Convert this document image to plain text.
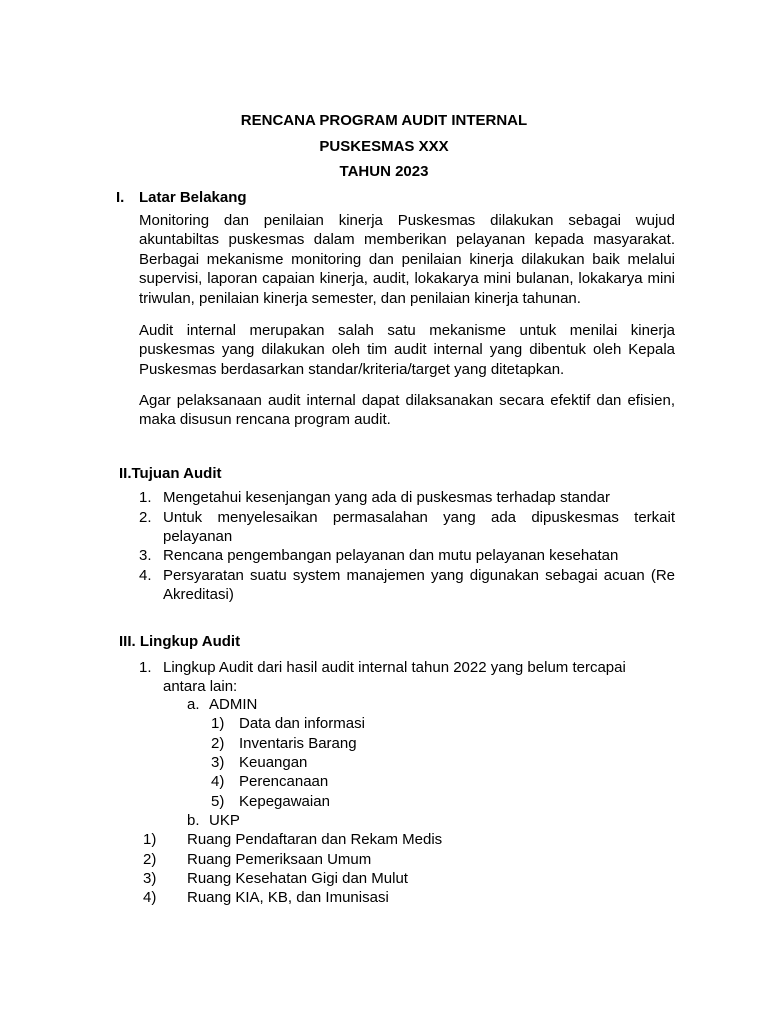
RENCANA PROGRAM AUDIT INTERNAL
PUSKESMAS XXX
TAHUN 2023
I. Latar Belakang
Monitoring dan penilaian kinerja Puskesmas dilakukan sebagai wujud akuntabiltas puskesmas dalam memberikan pelayanan kepada masyarakat. Berbagai mekanisme monitoring dan penilaian kinerja dilakukan baik melalui supervisi, laporan capaian kinerja, audit, lokakarya mini bulanan, lokakarya mini triwulan, penilaian kinerja semester, dan penilaian kinerja tahunan.
Audit internal merupakan salah satu mekanisme untuk menilai kinerja puskesmas yang dilakukan oleh tim audit internal yang dibentuk oleh Kepala Puskesmas berdasarkan standar/kriteria/target yang ditetapkan.
Agar pelaksanaan audit internal dapat dilaksanakan secara efektif dan efisien, maka disusun rencana program audit.
II.Tujuan Audit
1. Mengetahui kesenjangan yang ada di puskesmas terhadap standar
2. Untuk menyelesaikan permasalahan yang ada dipuskesmas terkait
pelayanan
3. Rencana pengembangan pelayanan dan mutu pelayanan kesehatan
4. Persyaratan suatu system manajemen yang digunakan sebagai acuan (Re
Akreditasi)
III. Lingkup Audit
1. Lingkup Audit dari hasil audit internal tahun 2022 yang belum tercapai
antara lain:
a. ADMIN
1) Data dan informasi
2) Inventaris Barang
3) Keuangan
4) Perencanaan
5) Kepegawaian
b. UKP
1) Ruang Pendaftaran dan Rekam Medis
2) Ruang Pemeriksaan Umum
3) Ruang Kesehatan Gigi dan Mulut
4) Ruang KIA, KB, dan Imunisasi
